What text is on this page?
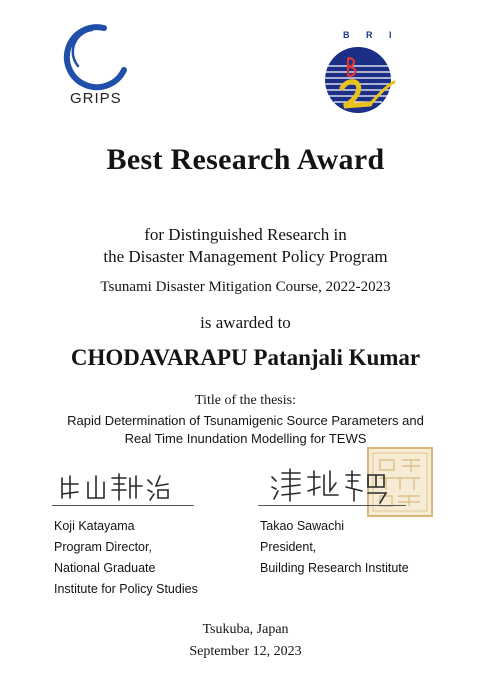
GRIPS
B R I
Best Research Award
for Distinguished Research in
the Disaster Management Policy Program
Tsunami Disaster Mitigation Course, 2022-2023
is awarded to
CHODAVARAPU Patanjali Kumar
Title of the thesis:
Rapid Determination of Tsunamigenic Source Parameters and
Real Time Inundation Modelling for TEWS
Koji Katayama
Program Director,
National Graduate
Institute for Policy Studies
Takao Sawachi
President,
Building Research Institute
Tsukuba, Japan
September 12, 2023
